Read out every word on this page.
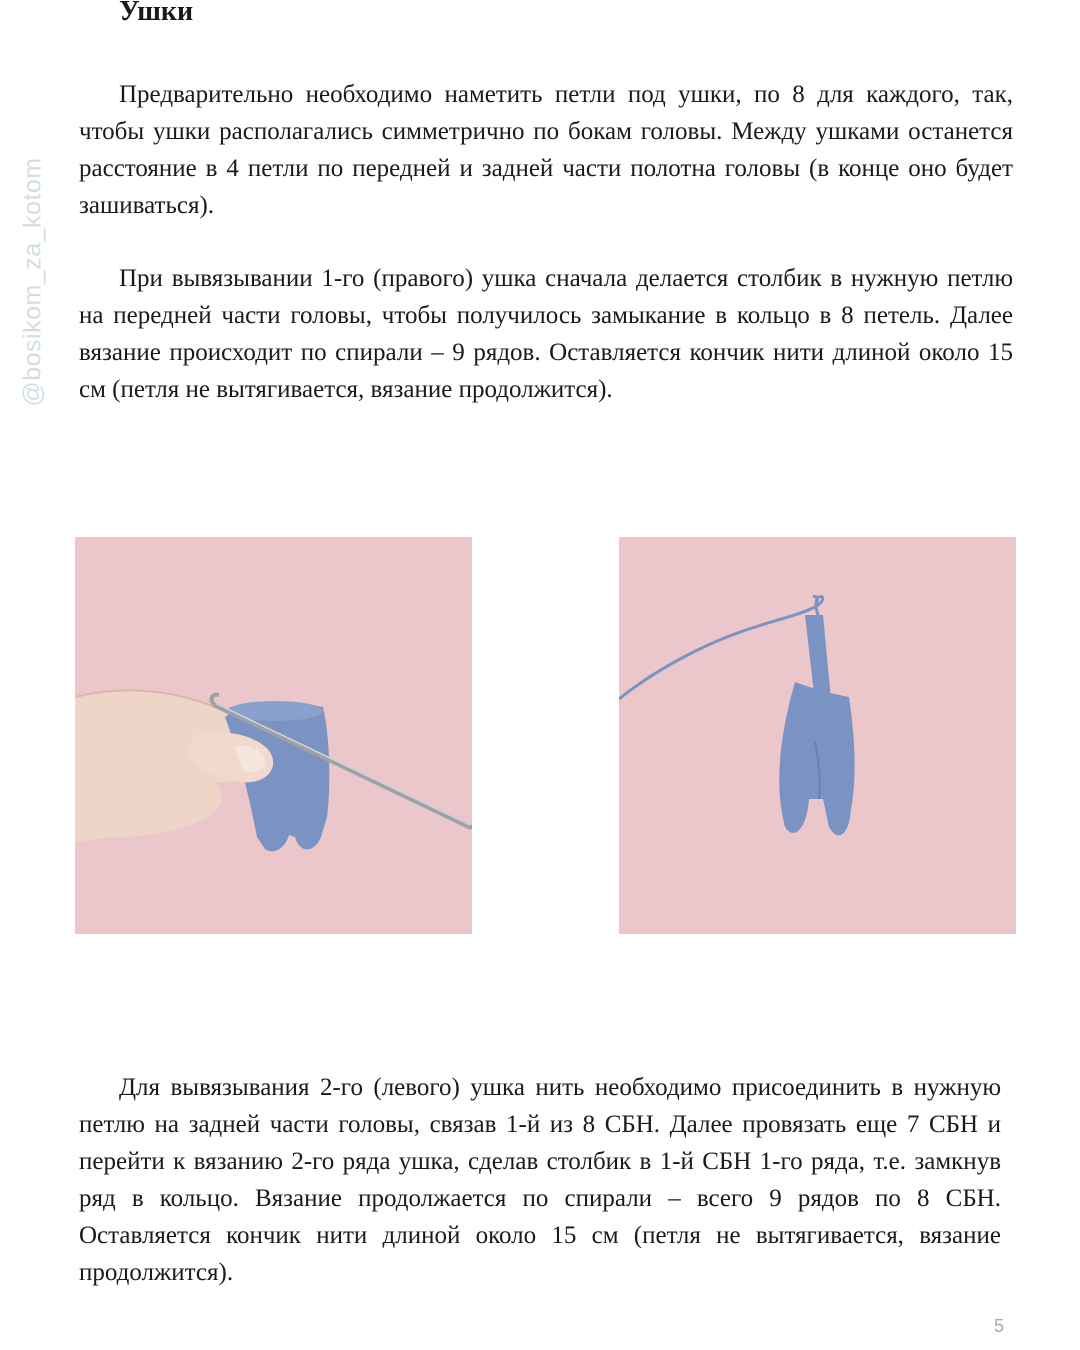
@bosikom_za_kotom
Ушки

Предварительно необходимо наметить петли под ушки, по 8 для каждого, так, чтобы ушки располагались симметрично по бокам головы. Между ушками останется расстояние в 4 петли по передней и задней части полотна головы (в конце оно будет зашиваться).

При вывязывании 1-го (правого) ушка сначала делается столбик в нужную петлю на передней части головы, чтобы получилось замыкание в кольцо в 8 петель. Далее вязание происходит по спирали – 9 рядов. Оставляется кончик нити длиной около 15 см (петля не вытягивается, вязание продолжится).

Для вывязывания 2-го (левого) ушка нить необходимо присоединить в нужную петлю на задней части головы, связав 1-й из 8 СБН. Далее провязать еще 7 СБН и перейти к вязанию 2-го ряда ушка, сделав столбик в 1-й СБН 1-го ряда, т.е. замкнув ряд в кольцо. Вязание продолжается по спирали – всего 9 рядов по 8 СБН. Оставляется кончик нити длиной около 15 см (петля не вытягивается, вязание продолжится).

5
